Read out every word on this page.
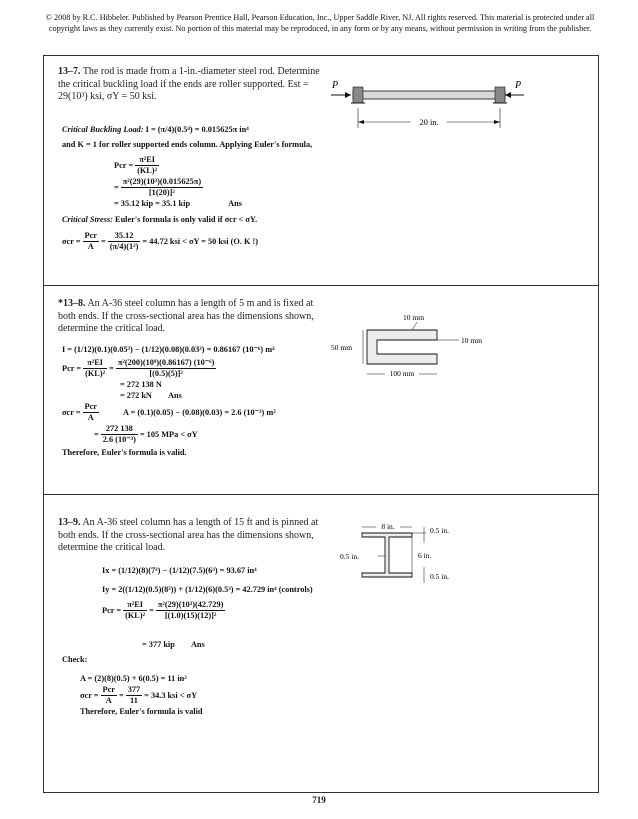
© 2008 by R.C. Hibbeler. Published by Pearson Prentice Hall, Pearson Education, Inc., Upper Saddle River, NJ. All rights reserved. This material is protected under all copyright laws as they currently exist. No portion of this material may be reproduced, in any form or by any means, without permission in writing from the publisher.
13–7. The rod is made from a 1-in.-diameter steel rod. Determine the critical buckling load if the ends are roller supported. Est = 29(10³) ksi, σY = 50 ksi.
P	P
20 in.
Critical Buckling Load: I = (π/4)(0.5⁴) = 0.015625π in⁴
and K = 1 for roller supported ends column. Applying Euler's formula,
Pcr = $\frac{\text{π²EI}}{\text{(KL)²}}$
= $\frac{\text{π²(29)(10³)(0.015625π)}}{\text{[1(20)]²}}$
= 35.12 kip = 35.1 kip	Ans
Critical Stress: Euler's formula is only valid if σcr < σY.
$\sigma cr = \frac{\text{Pcr}}{A} = \frac{35.12}{\text{(π/4)(1²)}} = 44.72$ ksi < σY = 50 ksi (O. K !)
*13–8. An A-36 steel column has a length of 5 m and is fixed at both ends. If the cross-sectional area has the dimensions shown, determine the critical load.
10 mm
50 mm
10 mm
100 mm
I = (1/12)(0.1)(0.05³) − (1/12)(0.08)(0.03³) = 0.86167 (10⁻⁶) m⁴
Pcr = $\frac{\text{π²EI}}{\text{(KL)²}} = \frac{\text{π²(200)(10⁹)(0.86167) (10⁻⁶)}}{\text{[(0.5)(5)]²}}$
= 272 138 N
= 272 kN Ans
$\sigma cr = \frac{\text{Pcr}}{A}$	A = (0.1)(0.05) − (0.08)(0.03) = 2.6 (10⁻³) m²
= $\frac{272 138}{\text{2.6 (10⁻³)}} = 105$ MPa < σY
Therefore, Euler's formula is valid.
13–9. An A-36 steel column has a length of 15 ft and is pinned at both ends. If the cross-sectional area has the dimensions shown, determine the critical load.
8 in.	0.5 in.
0.5 in.	6 in.
0.5 in.
Ix = (1/12)(8)(7³) − (1/12)(7.5)(6³) = 93.67 in⁴
Iy = 2((1/12)(0.5)(8³)) + (1/12)(6)(0.5³) = 42.729 in⁴ (controls)
Pcr = $\frac{\text{π²EI}}{\text{(KL)²}} = \frac{\text{π²(29)(10³)(42.729)}}{\text{[(1.0)(15)(12)]²}}$
= 377 kip Ans
Check:
A = (2)(8)(0.5) + 6(0.5) = 11 in²
$\sigma cr = \frac{\text{Pcr}}{A} = \frac{377}{11} = 34.3$ ksi < σY
Therefore, Euler's formula is valid
719
